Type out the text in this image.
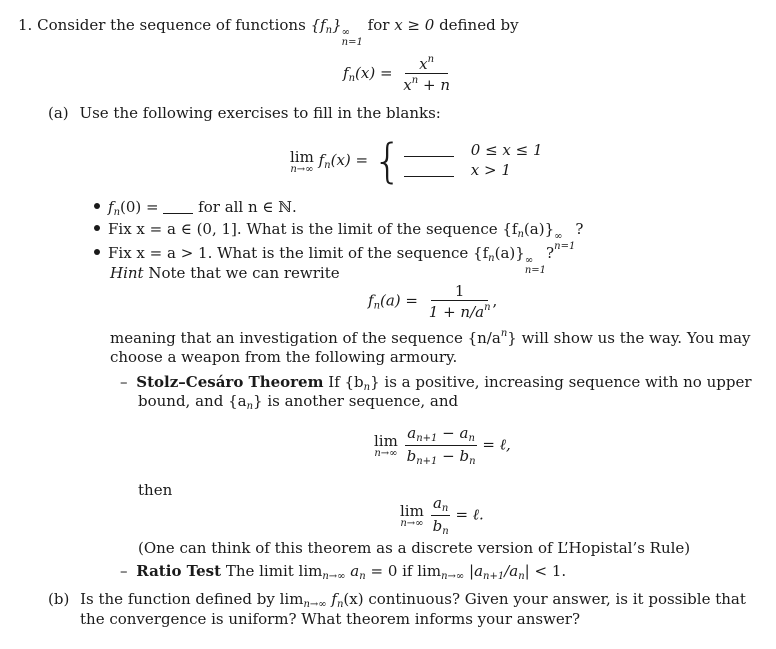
1. Consider the sequence of functions $\{f_n\}$ ∞
n=1
for x ≥ 0 defined by
$f_n(x) = \frac{x^n}{x^n + n}$
(a) Use the following exercises to fill in the blanks:
lim
n→∞ $f_n(x)$ = {	0 ≤ x ≤ 1
x > 1
$f_n(0)$ =	for all n ∈ ℕ.
Fix x = a ∈ (0, 1]. What is the limit of the sequence $\{f_n(a)\}$ ∞
n=1
?
Fix x = a > 1. What is the limit of the sequence $\{f_n(a)\}$ ∞
n=1
?
Hint Note that we can rewrite
$f_n(a) = \frac{1}{1 + n/a^n}$ ,
meaning that an investigation of the sequence $\{n/a^n\}$ will show us the way. You may
choose a weapon from the following armoury.
– Stolz–Cesáro Theorem If $\{b_n\}$ is a positive, increasing sequence with no upper
bound, and $\{a_n\}$ is another sequence, and
lim
n→∞
$\frac{a_{n+1} - a_n}{b_{n+1} - b_n}$ = ℓ,
then
lim
n→∞
$\frac{a_n}{b_n}$ = ℓ.
(One can think of this theorem as a discrete version of L’Hopistal’s Rule)
– Ratio Test The limit $\lim_{n\to\infty} a_n = 0$ if $\lim_{n\to\infty} |a_{n+1}/a_n| < 1$.
(b) Is the function defined by $\lim_{n\to\infty} f_n(x)$ continuous? Given your answer, is it possible that
the convergence is uniform? What theorem informs your answer?
